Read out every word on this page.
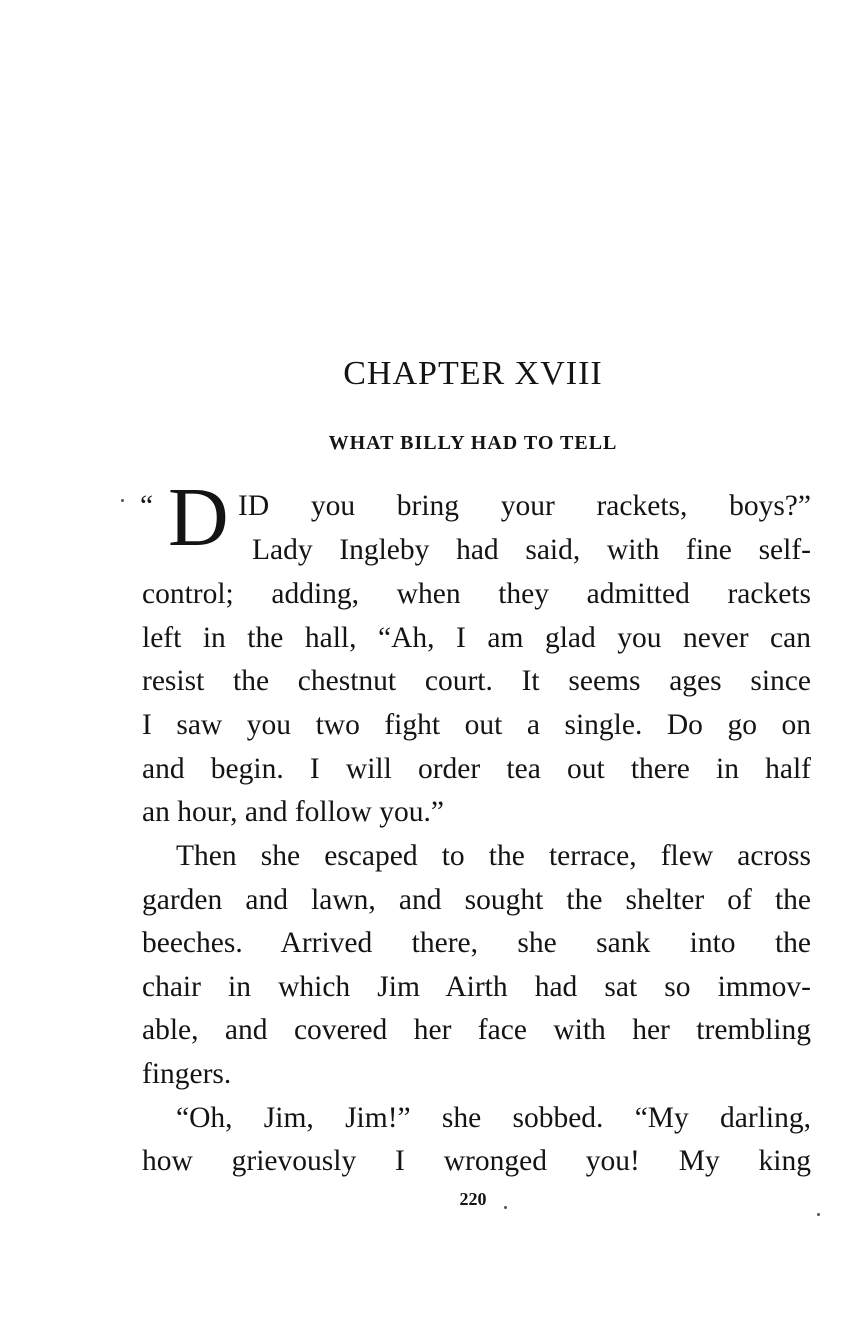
CHAPTER XVIII
WHAT BILLY HAD TO TELL
“ D ID you bring your rackets, boys?”
Lady Ingleby had said, with fine self-
control; adding, when they admitted rackets
left in the hall, “Ah, I am glad you never can
resist the chestnut court. It seems ages since
I saw you two fight out a single. Do go on
and begin. I will order tea out there in half
an hour, and follow you.”
Then she escaped to the terrace, flew across
garden and lawn, and sought the shelter of the
beeches. Arrived there, she sank into the
chair in which Jim Airth had sat so immov-
able, and covered her face with her trembling
fingers.
“Oh, Jim, Jim!” she sobbed. “My darling,
how grievously I wronged you! My king
220
